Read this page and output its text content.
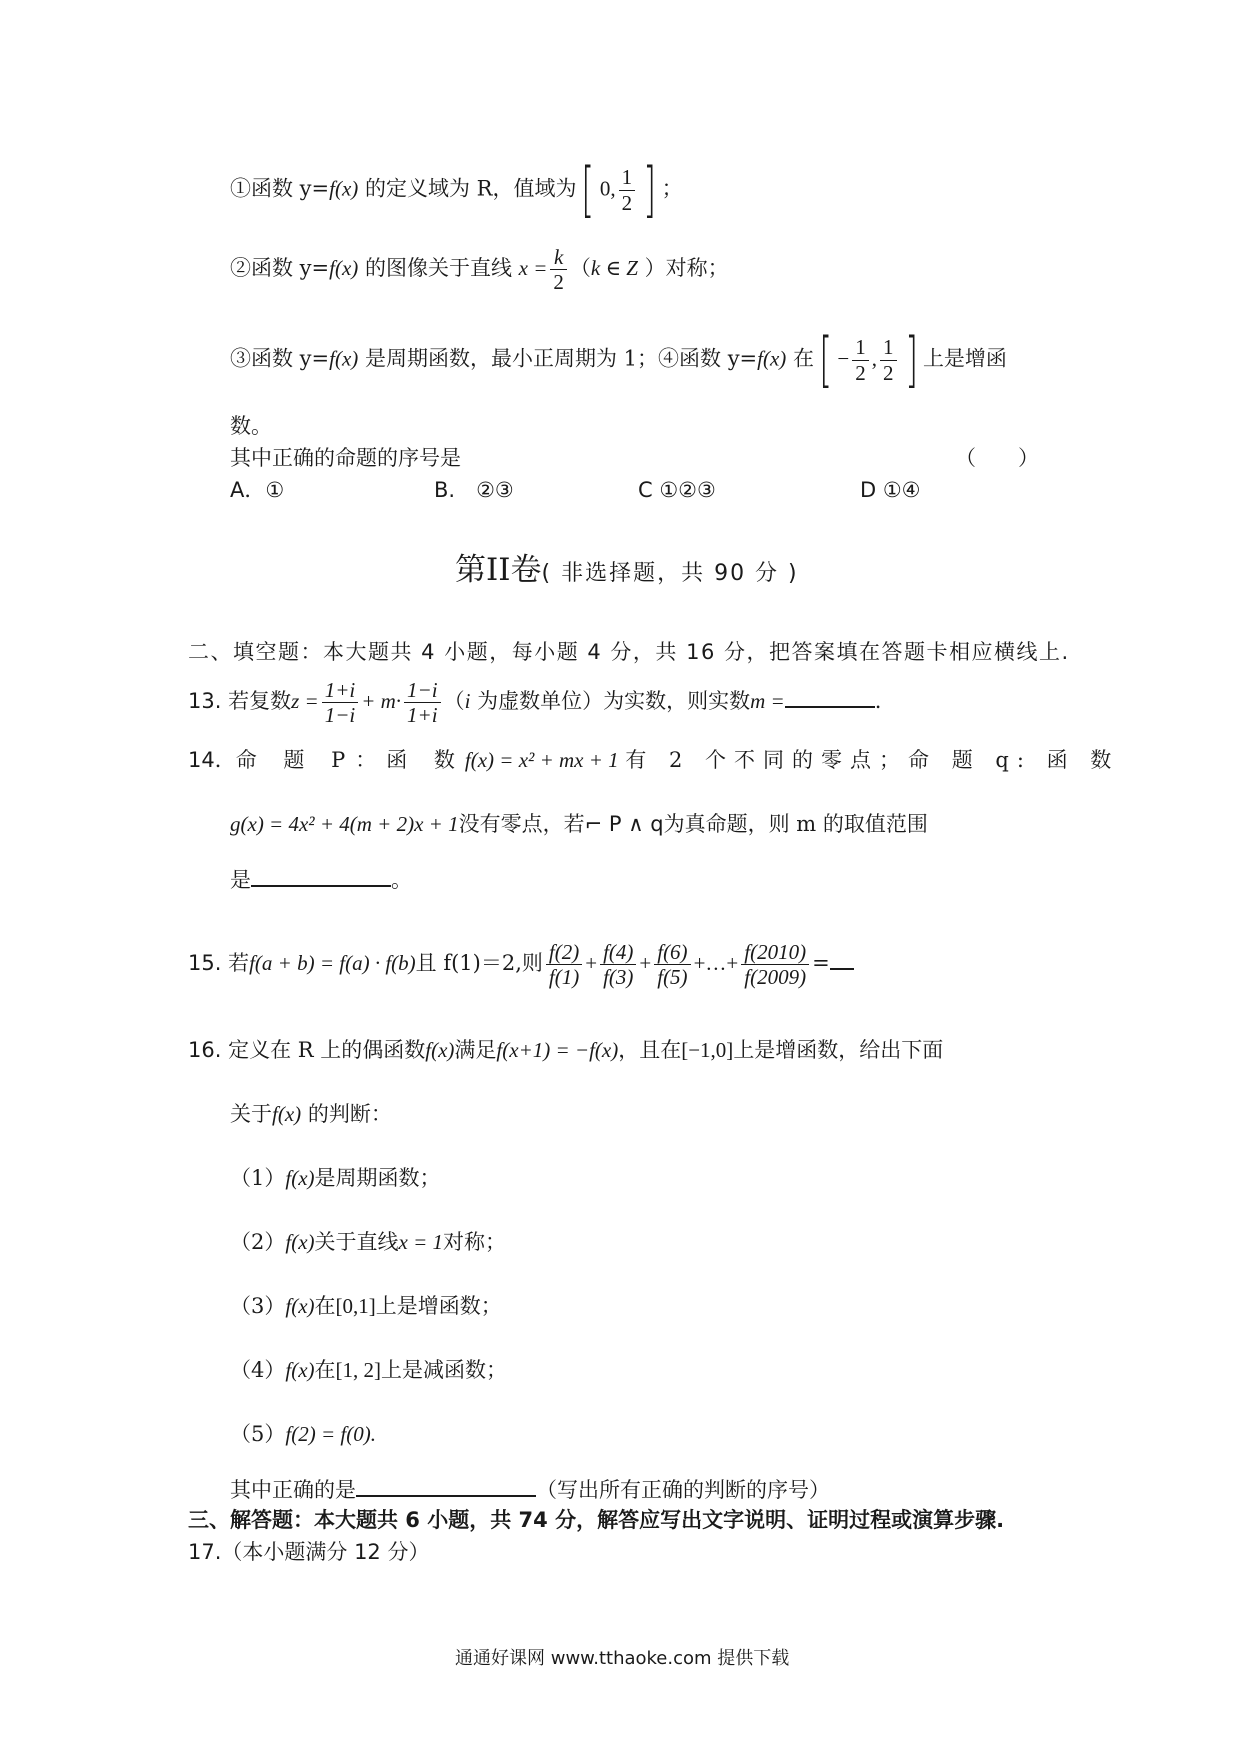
①函数 y=f(x) 的定义域为 R，值域为[ 0, $\frac{1}{2}$ ] ；
②函数 y=f(x) 的图像关于直线 $x = \frac{k}{2} (k$ ∈ Z ）对称；
③函数 y=f(x) 是周期函数，最小正周期为 1；④函数 y=f(x) 在[ − $\frac{1}{2}$ , $\frac{1}{2}$ ] 上是增函
数。
其中正确的命题的序号是	（　　）
A．①	B.　②③	C ①②③	D ①④
第II卷( 非选择题，共 90 分 )
二、填空题：本大题共 4 小题，每小题 4 分，共 16 分，把答案填在答题卡相应横线上.
13. 若复数$z = \frac{1+i}{1-i} + m\cdot \frac{1-i}{1+i} (i$ 为虚数单位）为实数，则实数m =	.
14．命 题 P：函 数f(x) = x² + mx + 1 有 2 个不同的零点；命 题 q: 函 数
g(x) = 4x² + 4(m + 2)x + 1没有零点，若⌐ P ∧ q为真命题，则 m 的取值范围
是	。
15. 若f(a + b) = f(a) · f(b)且 f(1)＝2,则 $\frac{f(2)}{f(1)} + \frac{f(4)}{f(3)} + \frac{f(6)}{f(5)}$ +…+ $\frac{f(2010)}{f(2009)}$ =
16. 定义在 R 上的偶函数f(x)满足f(x+1) = −f(x)，且在[−1,0]上是增函数，给出下面
关于f(x) 的判断：
（1）f(x)是周期函数；
（2）f(x)关于直线x = 1对称；
（3）f(x)在[0,1]上是增函数；
（4）f(x)在[1, 2]上是减函数；
（5）f(2) = f(0).
其中正确的是	（写出所有正确的判断的序号）
三、解答题：本大题共 6 小题，共 74 分，解答应写出文字说明、证明过程或演算步骤.
17.（本小题满分 12 分）
通通好课网 www.tthaoke.com 提供下载
